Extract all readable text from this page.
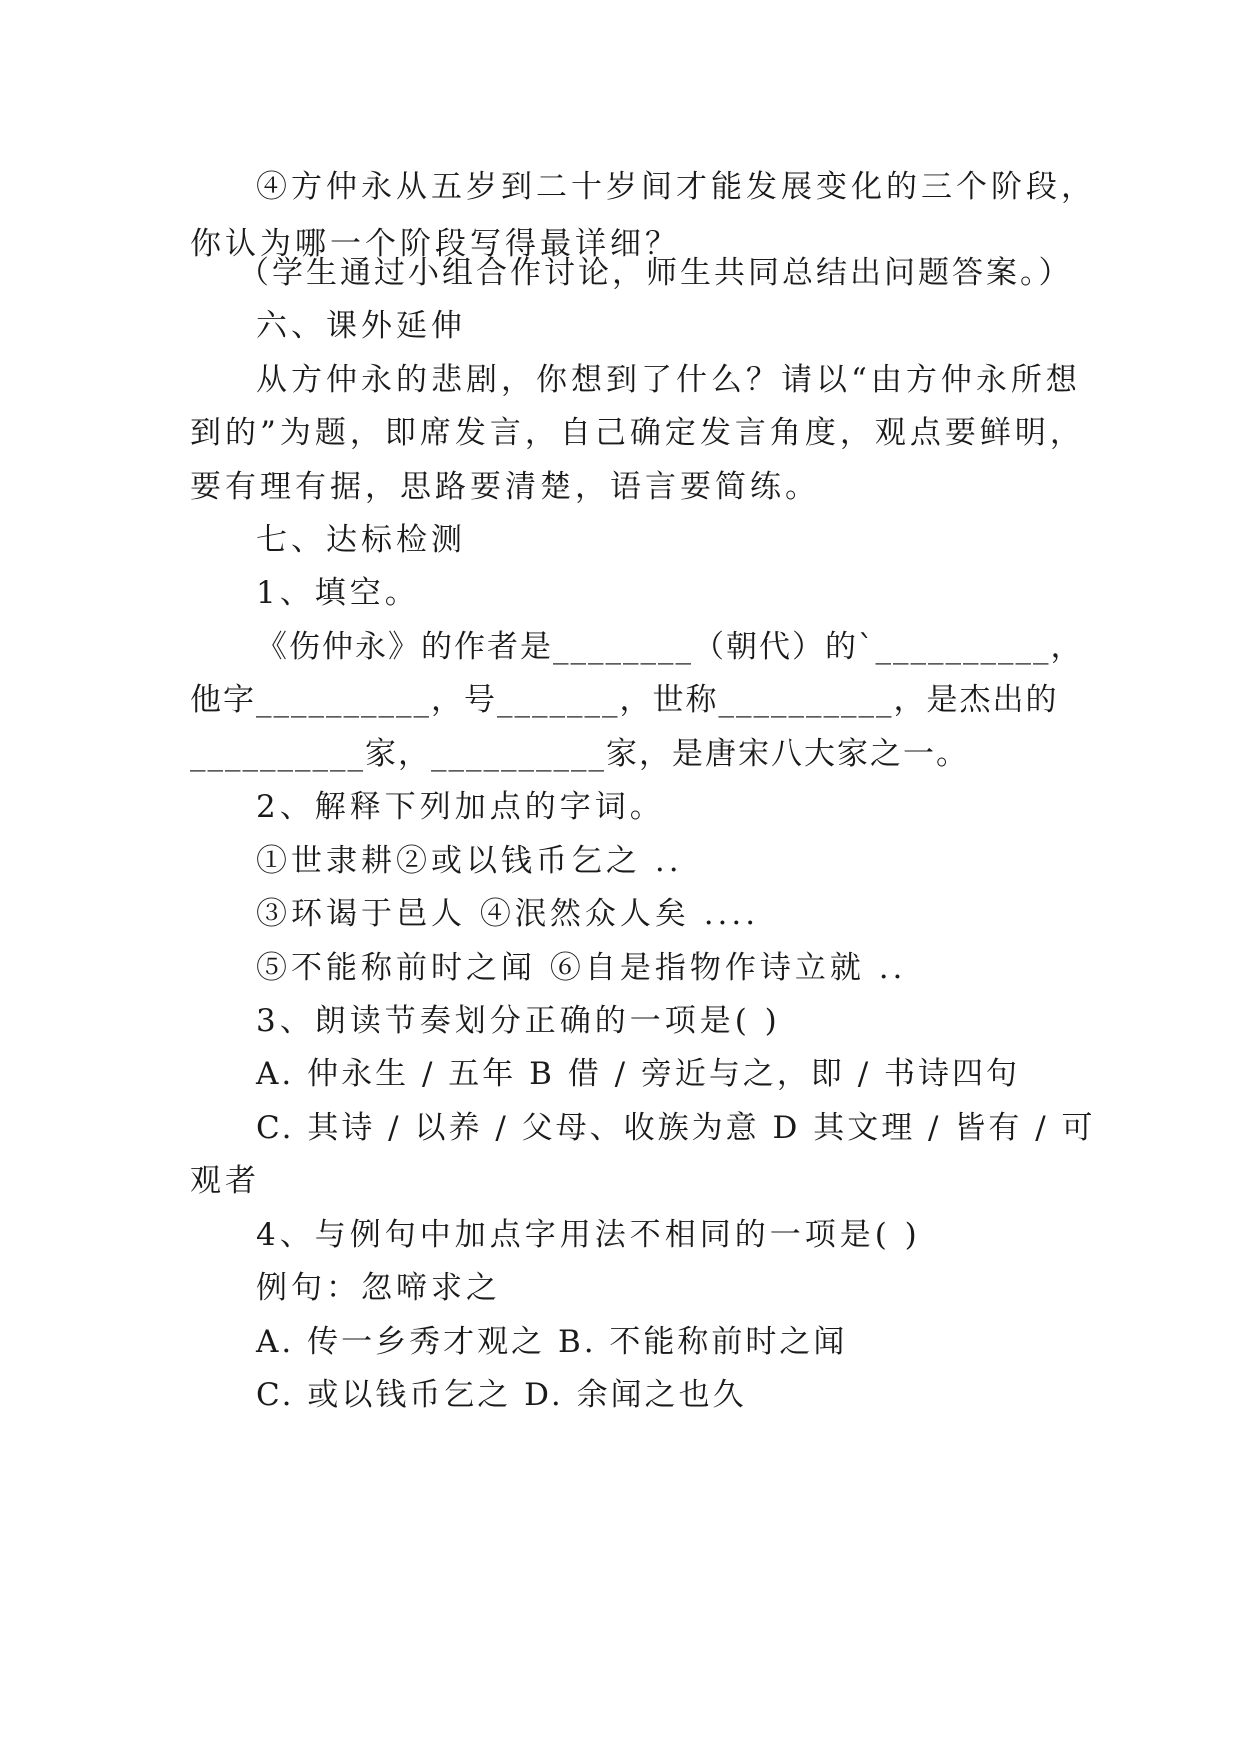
④方仲永从五岁到二十岁间才能发展变化的三个阶段，
你认为哪一个阶段写得最详细？
（学生通过小组合作讨论，师生共同总结出问题答案。）
六、课外延伸
从方仲永的悲剧，你想到了什么？请以“由方仲永所想
到的”为题，即席发言，自己确定发言角度，观点要鲜明，
要有理有据，思路要清楚，语言要简练。
七、达标检测
1、填空。
《伤仲永》的作者是________（朝代）的`__________，
他字__________，号_______，世称__________，是杰出的
__________家，__________家，是唐宋八大家之一。
2、解释下列加点的字词。
①世隶耕②或以钱币乞之 ..
③环谒于邑人 ④泯然众人矣 ....
⑤不能称前时之闻 ⑥自是指物作诗立就 ..
3、朗读节奏划分正确的一项是( )
A. 仲永生 / 五年 B 借 / 旁近与之，即 / 书诗四句
C. 其诗 / 以养 / 父母、收族为意 D 其文理 / 皆有 / 可
观者
4、与例句中加点字用法不相同的一项是( )
例句：忽啼求之
A. 传一乡秀才观之 B. 不能称前时之闻
C. 或以钱币乞之 D. 余闻之也久
